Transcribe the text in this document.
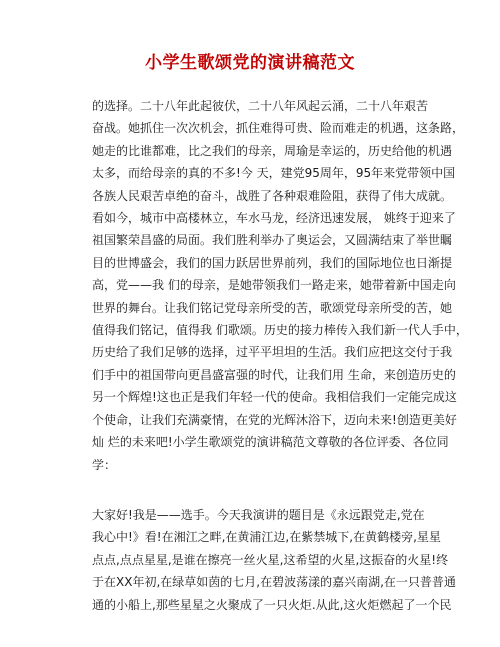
小学生歌颂党的演讲稿范文
的选择。二十八年此起彼伏，二十八年风起云涌，二十八年艰苦
奋战。她抓住一次次机会，抓住难得可贵、险而难走的机遇，这条路，
她走的比谁都难，比之我们的母亲，周瑜是幸运的，历史给他的机遇
太多，而给母亲的真的不多!今 天，建党95周年，95年来党带领中国
各族人民艰苦卓绝的奋斗，战胜了各种艰难险阻，获得了伟大成就。
看如今，城市中高楼林立，车水马龙，经济迅速发展， 姚终于迎来了
祖国繁荣昌盛的局面。我们胜利举办了奥运会，又圆满结束了举世瞩
目的世博盛会，我们的国力跃居世界前列，我们的国际地位也日渐提
高，党——我 们的母亲，是她带领我们一路走来，她带着新中国走向
世界的舞台。让我们铭记党母亲所受的苦，歌颂党母亲所受的苦，她
值得我们铭记，值得我 们歌颂。历史的接力棒传入我们新一代人手中，
历史给了我们足够的选择，过平平坦坦的生活。我们应把这交付于我
们手中的祖国带向更昌盛富强的时代，让我们用 生命，来创造历史的
另一个辉煌!这也正是我们年轻一代的使命。我相信我们一定能完成这
个使命，让我们充满豪情，在党的光辉沐浴下，迈向未来!创造更美好
灿 烂的未来吧!小学生歌颂党的演讲稿范文尊敬的各位评委、各位同
学：
大家好!我是——选手。今天我演讲的题目是《永远跟党走,党在
我心中!》看!在湘江之畔,在黄浦江边,在紫禁城下,在黄鹤楼旁,星星
点点,点点星星,是谁在擦亮一丝火星,这希望的火星,这振奋的火星!终
于在XX年初,在绿草如茵的七月,在碧波荡漾的嘉兴南湖,在一只普普通
通的小船上,那些星星之火聚成了一只火炬.从此,这火炬燃起了一个民
